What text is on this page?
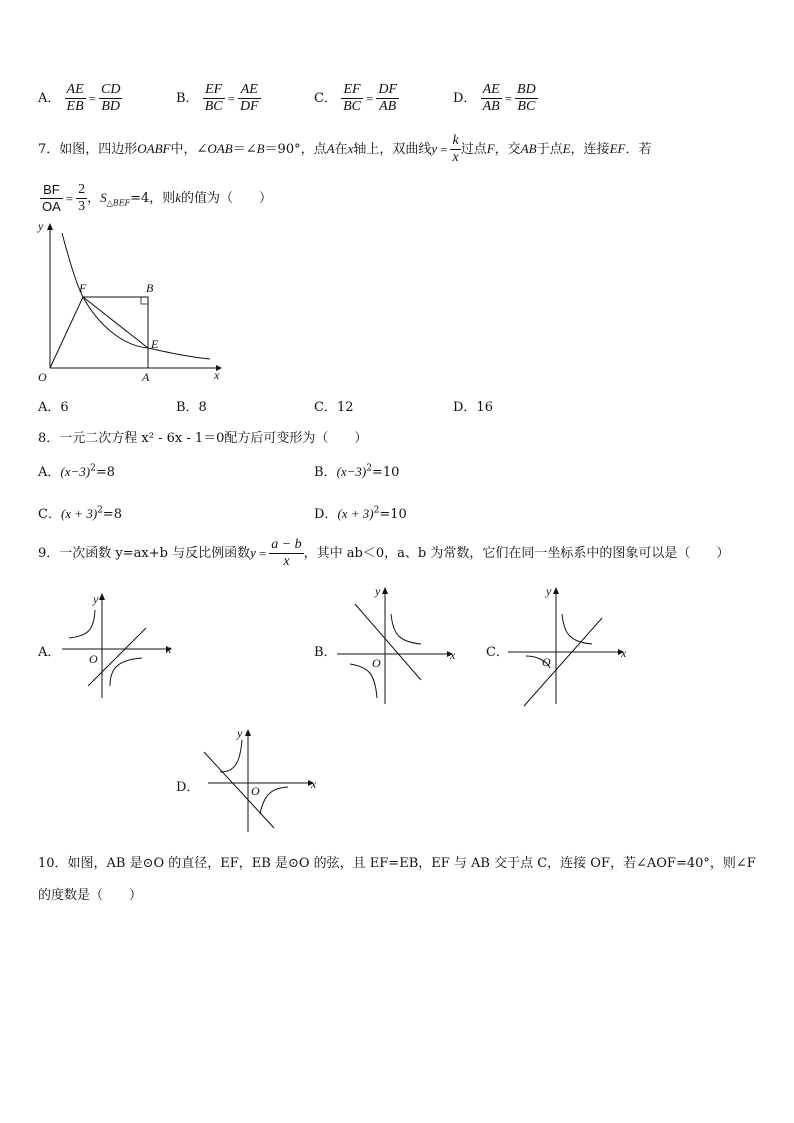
A． $\frac{AE}{EB} = \frac{CD}{BD}$	B． $\frac{EF}{BC} = \frac{AE}{DF}$	C． $\frac{EF}{BC} = \frac{DF}{AB}$	D． $\frac{AE}{AB} = \frac{BD}{BC}$
7．如图，四边形OABF中，∠OAB＝∠B＝90°，点A在x轴上，双曲线$y = \frac{k}{x}$ 过点F，交AB于点E，连接EF．若
$\frac{BF}{OA} = \frac{2}{3}$ ，$S_{\triangle BEF}=4$，则k的值为（　　）
y
x
O	A
B
F
E
A．6	B．8	C．12	D．16
8．一元二次方程 x² - 6x - 1＝0配方后可变形为（　　）
A．$(x-3)^2=8$	B．$(x-3)^2=10$
C．$(x + 3)^2=8$	D．$(x + 3)^2=10$
9．一次函数 y=ax+b 与反比例函数$y = \frac{a - b}{x}$ ，其中 ab＜0，a、b 为常数，它们在同一坐标系中的图象可以是（　　）
A． O
y
x	B．
O
y
x C．
O
y
x
D．	O
y
x
10．如图，AB 是⊙O 的直径，EF，EB 是⊙O 的弦，且 EF=EB，EF 与 AB 交于点 C，连接 OF，若∠AOF=40°，则∠F
的度数是（　　）
